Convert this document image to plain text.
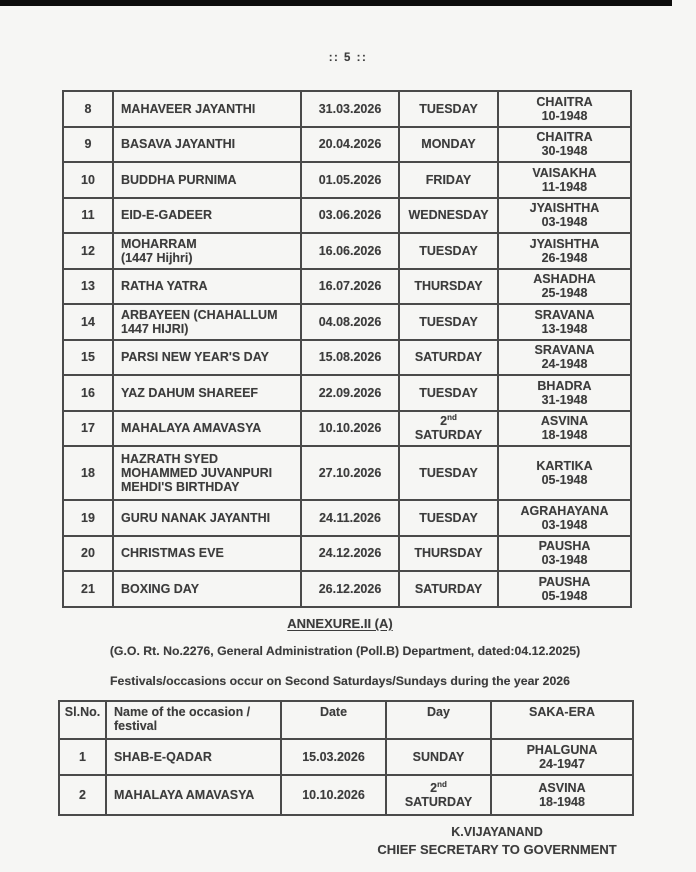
:: 5 ::
8	MAHAVEER JAYANTHI	31.03.2026	TUESDAY	CHAITRA
10-1948
9	BASAVA JAYANTHI	20.04.2026	MONDAY	CHAITRA
30-1948
10	BUDDHA PURNIMA	01.05.2026	FRIDAY	VAISAKHA
11-1948
11	EID-E-GADEER	03.06.2026	WEDNESDAY	JYAISHTHA
03-1948
12	MOHARRAM
(1447 Hijhri)	16.06.2026	TUESDAY	JYAISHTHA
26-1948
13	RATHA YATRA	16.07.2026	THURSDAY	ASHADHA
25-1948
14	ARBAYEEN (CHAHALLUM
1447 HIJRI)	04.08.2026	TUESDAY	SRAVANA
13-1948
15	PARSI NEW YEAR'S DAY	15.08.2026	SATURDAY	SRAVANA
24-1948
16	YAZ DAHUM SHAREEF	22.09.2026	TUESDAY	BHADRA
31-1948
17	MAHALAYA AMAVASYA	10.10.2026	2nd
SATURDAY	ASVINA
18-1948
18	HAZRATH SYED
MOHAMMED JUVANPURI
MEHDI'S BIRTHDAY	27.10.2026	TUESDAY	KARTIKA
05-1948
19	GURU NANAK JAYANTHI	24.11.2026	TUESDAY	AGRAHAYANA
03-1948
20	CHRISTMAS EVE	24.12.2026	THURSDAY	PAUSHA
03-1948
21	BOXING DAY	26.12.2026	SATURDAY	PAUSHA
05-1948
ANNEXURE.II (A)
(G.O. Rt. No.2276, General Administration (Poll.B) Department, dated:04.12.2025)
Festivals/occasions occur on Second Saturdays/Sundays during the year 2026
Sl.No.	Name of the occasion / festival	Date	Day	SAKA-ERA
1	SHAB-E-QADAR	15.03.2026	SUNDAY	PHALGUNA
24-1947
2	MAHALAYA AMAVASYA	10.10.2026	2nd
SATURDAY	ASVINA
18-1948
K.VIJAYANAND
CHIEF SECRETARY TO GOVERNMENT
